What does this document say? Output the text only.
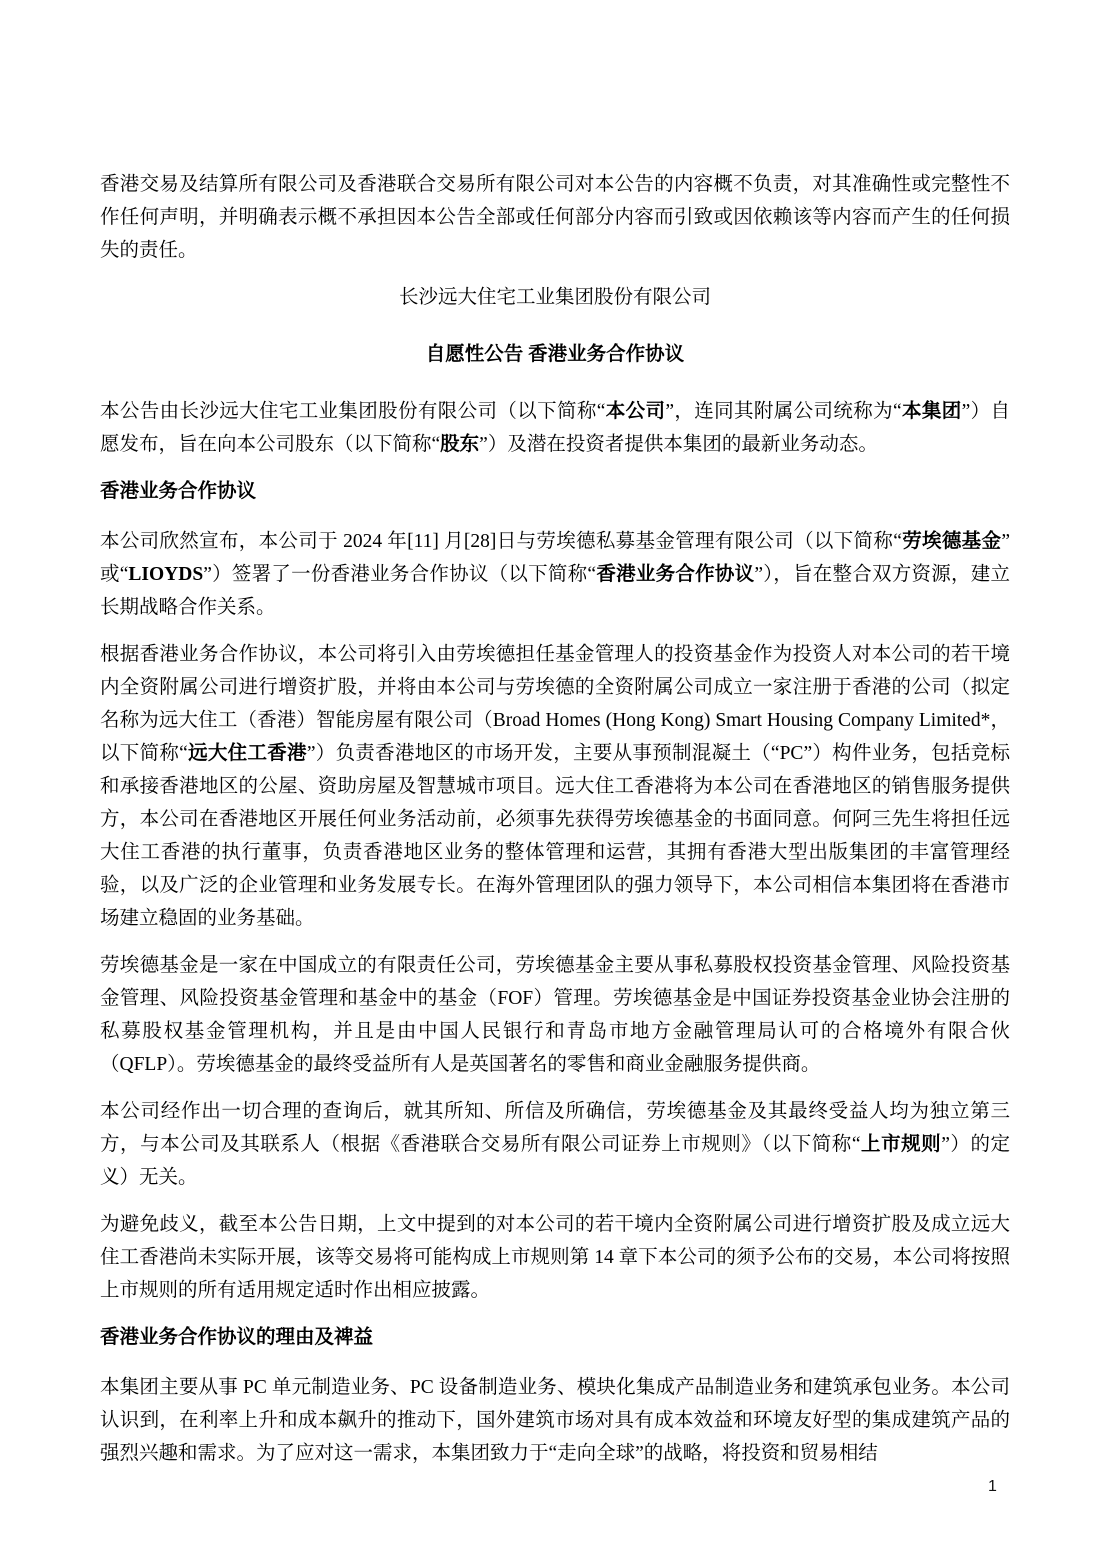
香港交易及结算所有限公司及香港联合交易所有限公司对本公告的内容概不负责，对其准确性或完整性不作任何声明，并明确表示概不承担因本公告全部或任何部分内容而引致或因依赖该等内容而产生的任何损失的责任。

长沙远大住宅工业集团股份有限公司
自愿性公告 香港业务合作协议

本公告由长沙远大住宅工业集团股份有限公司（以下简称“本公司”，连同其附属公司统称为“本集团”）自愿发布，旨在向本公司股东（以下简称“股东”）及潜在投资者提供本集团的最新业务动态。

香港业务合作协议

本公司欣然宣布，本公司于 2024 年[11] 月[28]日与劳埃德私募基金管理有限公司（以下简称“劳埃德基金”或“LIOYDS”）签署了一份香港业务合作协议（以下简称“香港业务合作协议”），旨在整合双方资源，建立长期战略合作关系。

根据香港业务合作协议，本公司将引入由劳埃德担任基金管理人的投资基金作为投资人对本公司的若干境内全资附属公司进行增资扩股，并将由本公司与劳埃德的全资附属公司成立一家注册于香港的公司（拟定名称为远大住工（香港）智能房屋有限公司（Broad Homes (Hong Kong) Smart Housing Company Limited*，以下简称“远大住工香港”）负责香港地区的市场开发，主要从事预制混凝土（“PC”）构件业务，包括竞标和承接香港地区的公屋、资助房屋及智慧城市项目。远大住工香港将为本公司在香港地区的销售服务提供方，本公司在香港地区开展任何业务活动前，必须事先获得劳埃德基金的书面同意。何阿三先生将担任远大住工香港的执行董事，负责香港地区业务的整体管理和运营，其拥有香港大型出版集团的丰富管理经验，以及广泛的企业管理和业务发展专长。在海外管理团队的强力领导下，本公司相信本集团将在香港市场建立稳固的业务基础。

劳埃德基金是一家在中国成立的有限责任公司，劳埃德基金主要从事私募股权投资基金管理、风险投资基金管理、风险投资基金管理和基金中的基金（FOF）管理。劳埃德基金是中国证券投资基金业协会注册的私募股权基金管理机构，并且是由中国人民银行和青岛市地方金融管理局认可的合格境外有限合伙（QFLP）。劳埃德基金的最终受益所有人是英国著名的零售和商业金融服务提供商。

本公司经作出一切合理的查询后，就其所知、所信及所确信，劳埃德基金及其最终受益人均为独立第三方，与本公司及其联系人（根据《香港联合交易所有限公司证券上市规则》（以下简称“上市规则”）的定义）无关。

为避免歧义，截至本公告日期，上文中提到的对本公司的若干境内全资附属公司进行增资扩股及成立远大住工香港尚未实际开展，该等交易将可能构成上市规则第 14 章下本公司的须予公布的交易，本公司将按照上市规则的所有适用规定适时作出相应披露。

香港业务合作协议的理由及禆益

本集团主要从事 PC 单元制造业务、PC 设备制造业务、模块化集成产品制造业务和建筑承包业务。本公司认识到，在利率上升和成本飙升的推动下，国外建筑市场对具有成本效益和环境友好型的集成建筑产品的强烈兴趣和需求。为了应对这一需求，本集团致力于“走向全球”的战略，将投资和贸易相结

1
